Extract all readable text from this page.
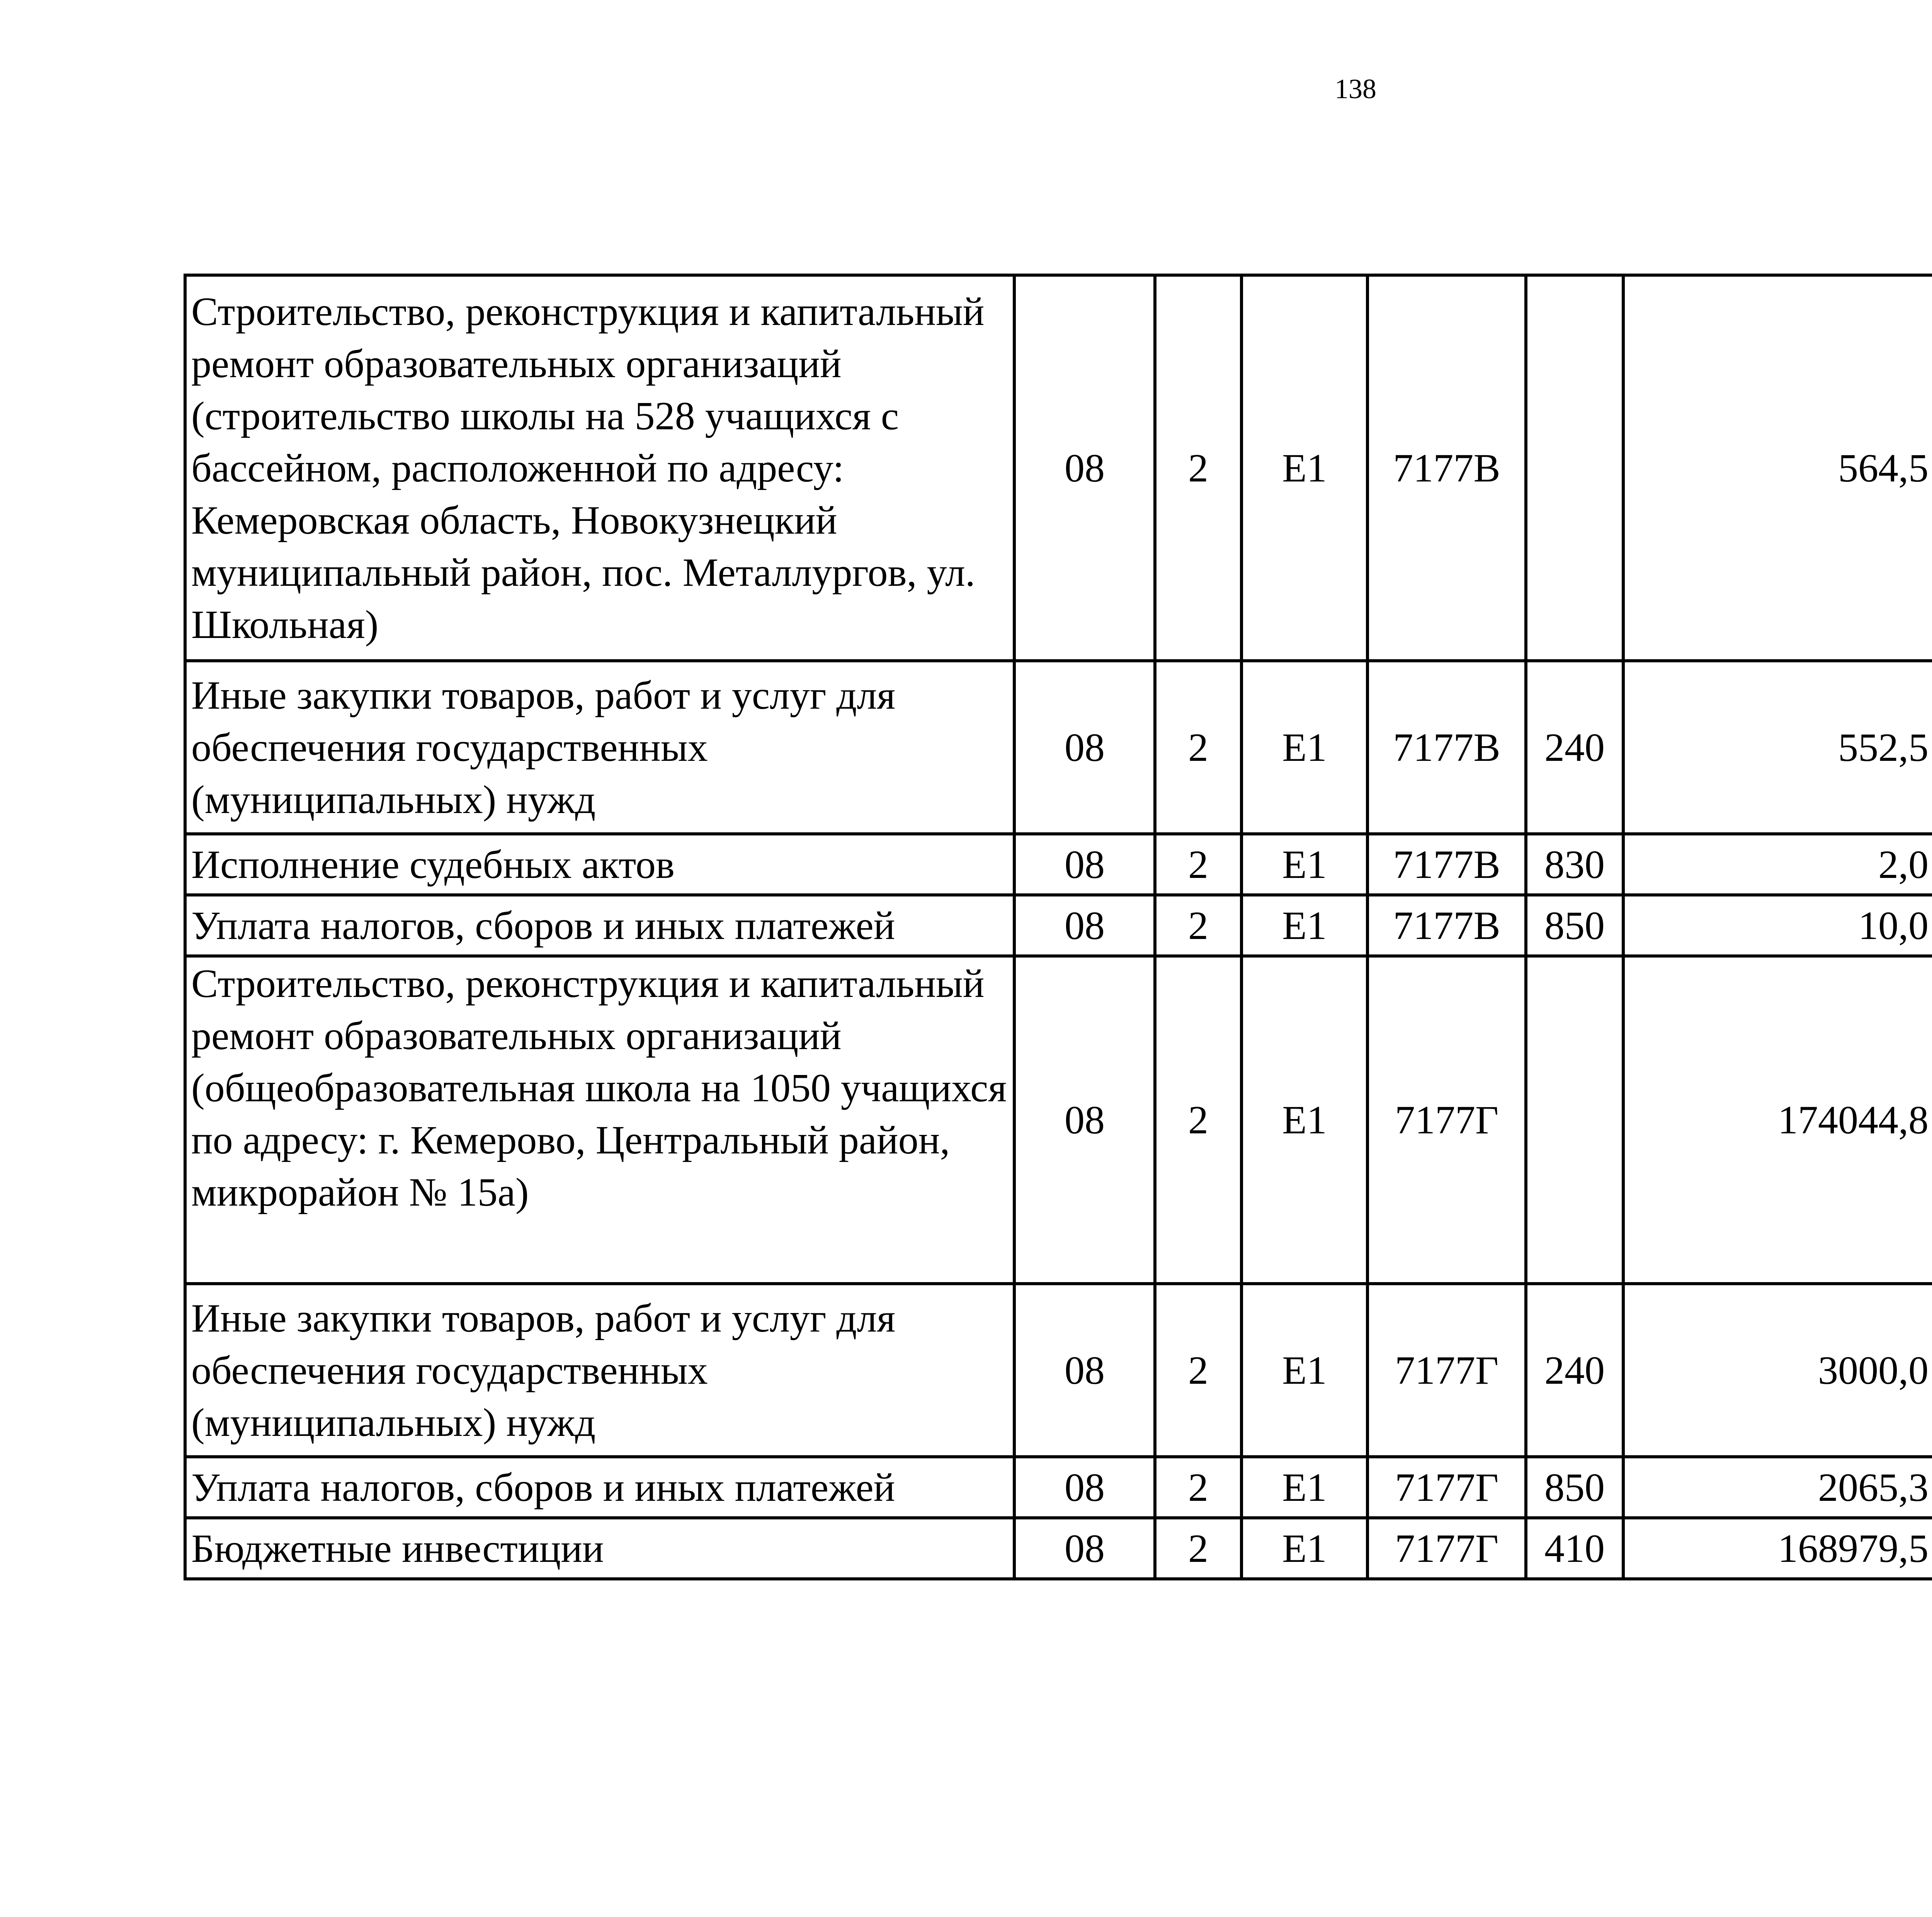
138
Строительство, реконструкция и капитальный ремонт образовательных организаций (строительство школы на 528 учащихся с бассейном, расположенной по адресу: Кемеровская область, Новокузнецкий муниципальный район, пос. Металлургов, ул. Школьная)	08	2	E1	7177В		564,5		
Иные закупки товаров, работ и услуг для обеспечения государственных (муниципальных) нужд	08	2	E1	7177В	240	552,5		
Исполнение судебных актов	08	2	E1	7177В	830	2,0		
Уплата налогов, сборов и иных платежей	08	2	E1	7177В	850	10,0		
Строительство, реконструкция и капитальный ремонт образовательных организаций (общеобразовательная школа на 1050 учащихся по адресу: г. Кемерово, Центральный район, микрорайон № 15а)	08	2	E1	7177Г		174044,8		
Иные закупки товаров, работ и услуг для обеспечения государственных (муниципальных) нужд	08	2	E1	7177Г	240	3000,0		
Уплата налогов, сборов и иных платежей	08	2	E1	7177Г	850	2065,3		
Бюджетные инвестиции	08	2	E1	7177Г	410	168979,5		
